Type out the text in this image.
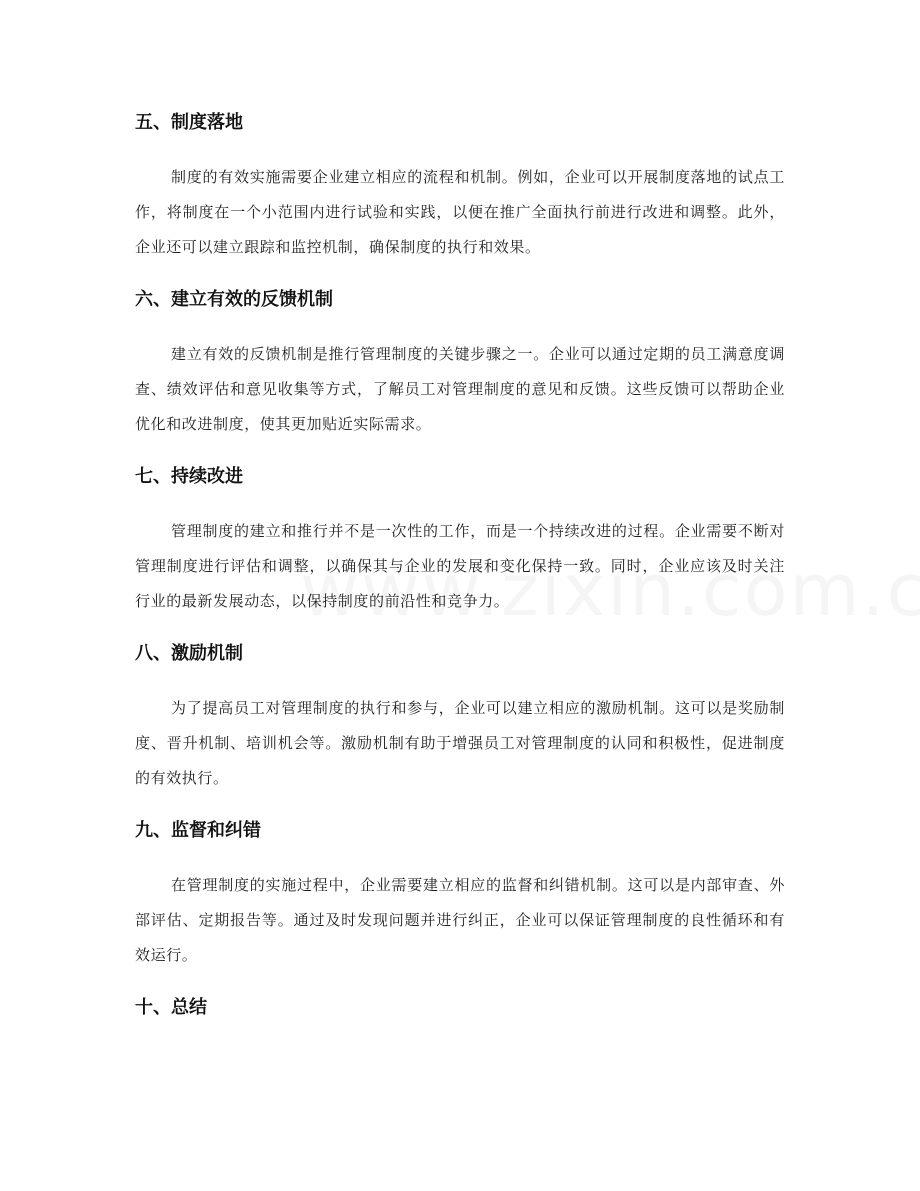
五、制度落地

制度的有效实施需要企业建立相应的流程和机制。例如，企业可以开展制度落地的试点工作，将制度在一个小范围内进行试验和实践，以便在推广全面执行前进行改进和调整。此外，企业还可以建立跟踪和监控机制，确保制度的执行和效果。

六、建立有效的反馈机制

建立有效的反馈机制是推行管理制度的关键步骤之一。企业可以通过定期的员工满意度调查、绩效评估和意见收集等方式，了解员工对管理制度的意见和反馈。这些反馈可以帮助企业优化和改进制度，使其更加贴近实际需求。

七、持续改进

管理制度的建立和推行并不是一次性的工作，而是一个持续改进的过程。企业需要不断对管理制度进行评估和调整，以确保其与企业的发展和变化保持一致。同时，企业应该及时关注行业的最新发展动态，以保持制度的前沿性和竞争力。

八、激励机制

为了提高员工对管理制度的执行和参与，企业可以建立相应的激励机制。这可以是奖励制度、晋升机制、培训机会等。激励机制有助于增强员工对管理制度的认同和积极性，促进制度的有效执行。

九、监督和纠错

在管理制度的实施过程中，企业需要建立相应的监督和纠错机制。这可以是内部审查、外部评估、定期报告等。通过及时发现问题并进行纠正，企业可以保证管理制度的良性循环和有效运行。

十、总结
